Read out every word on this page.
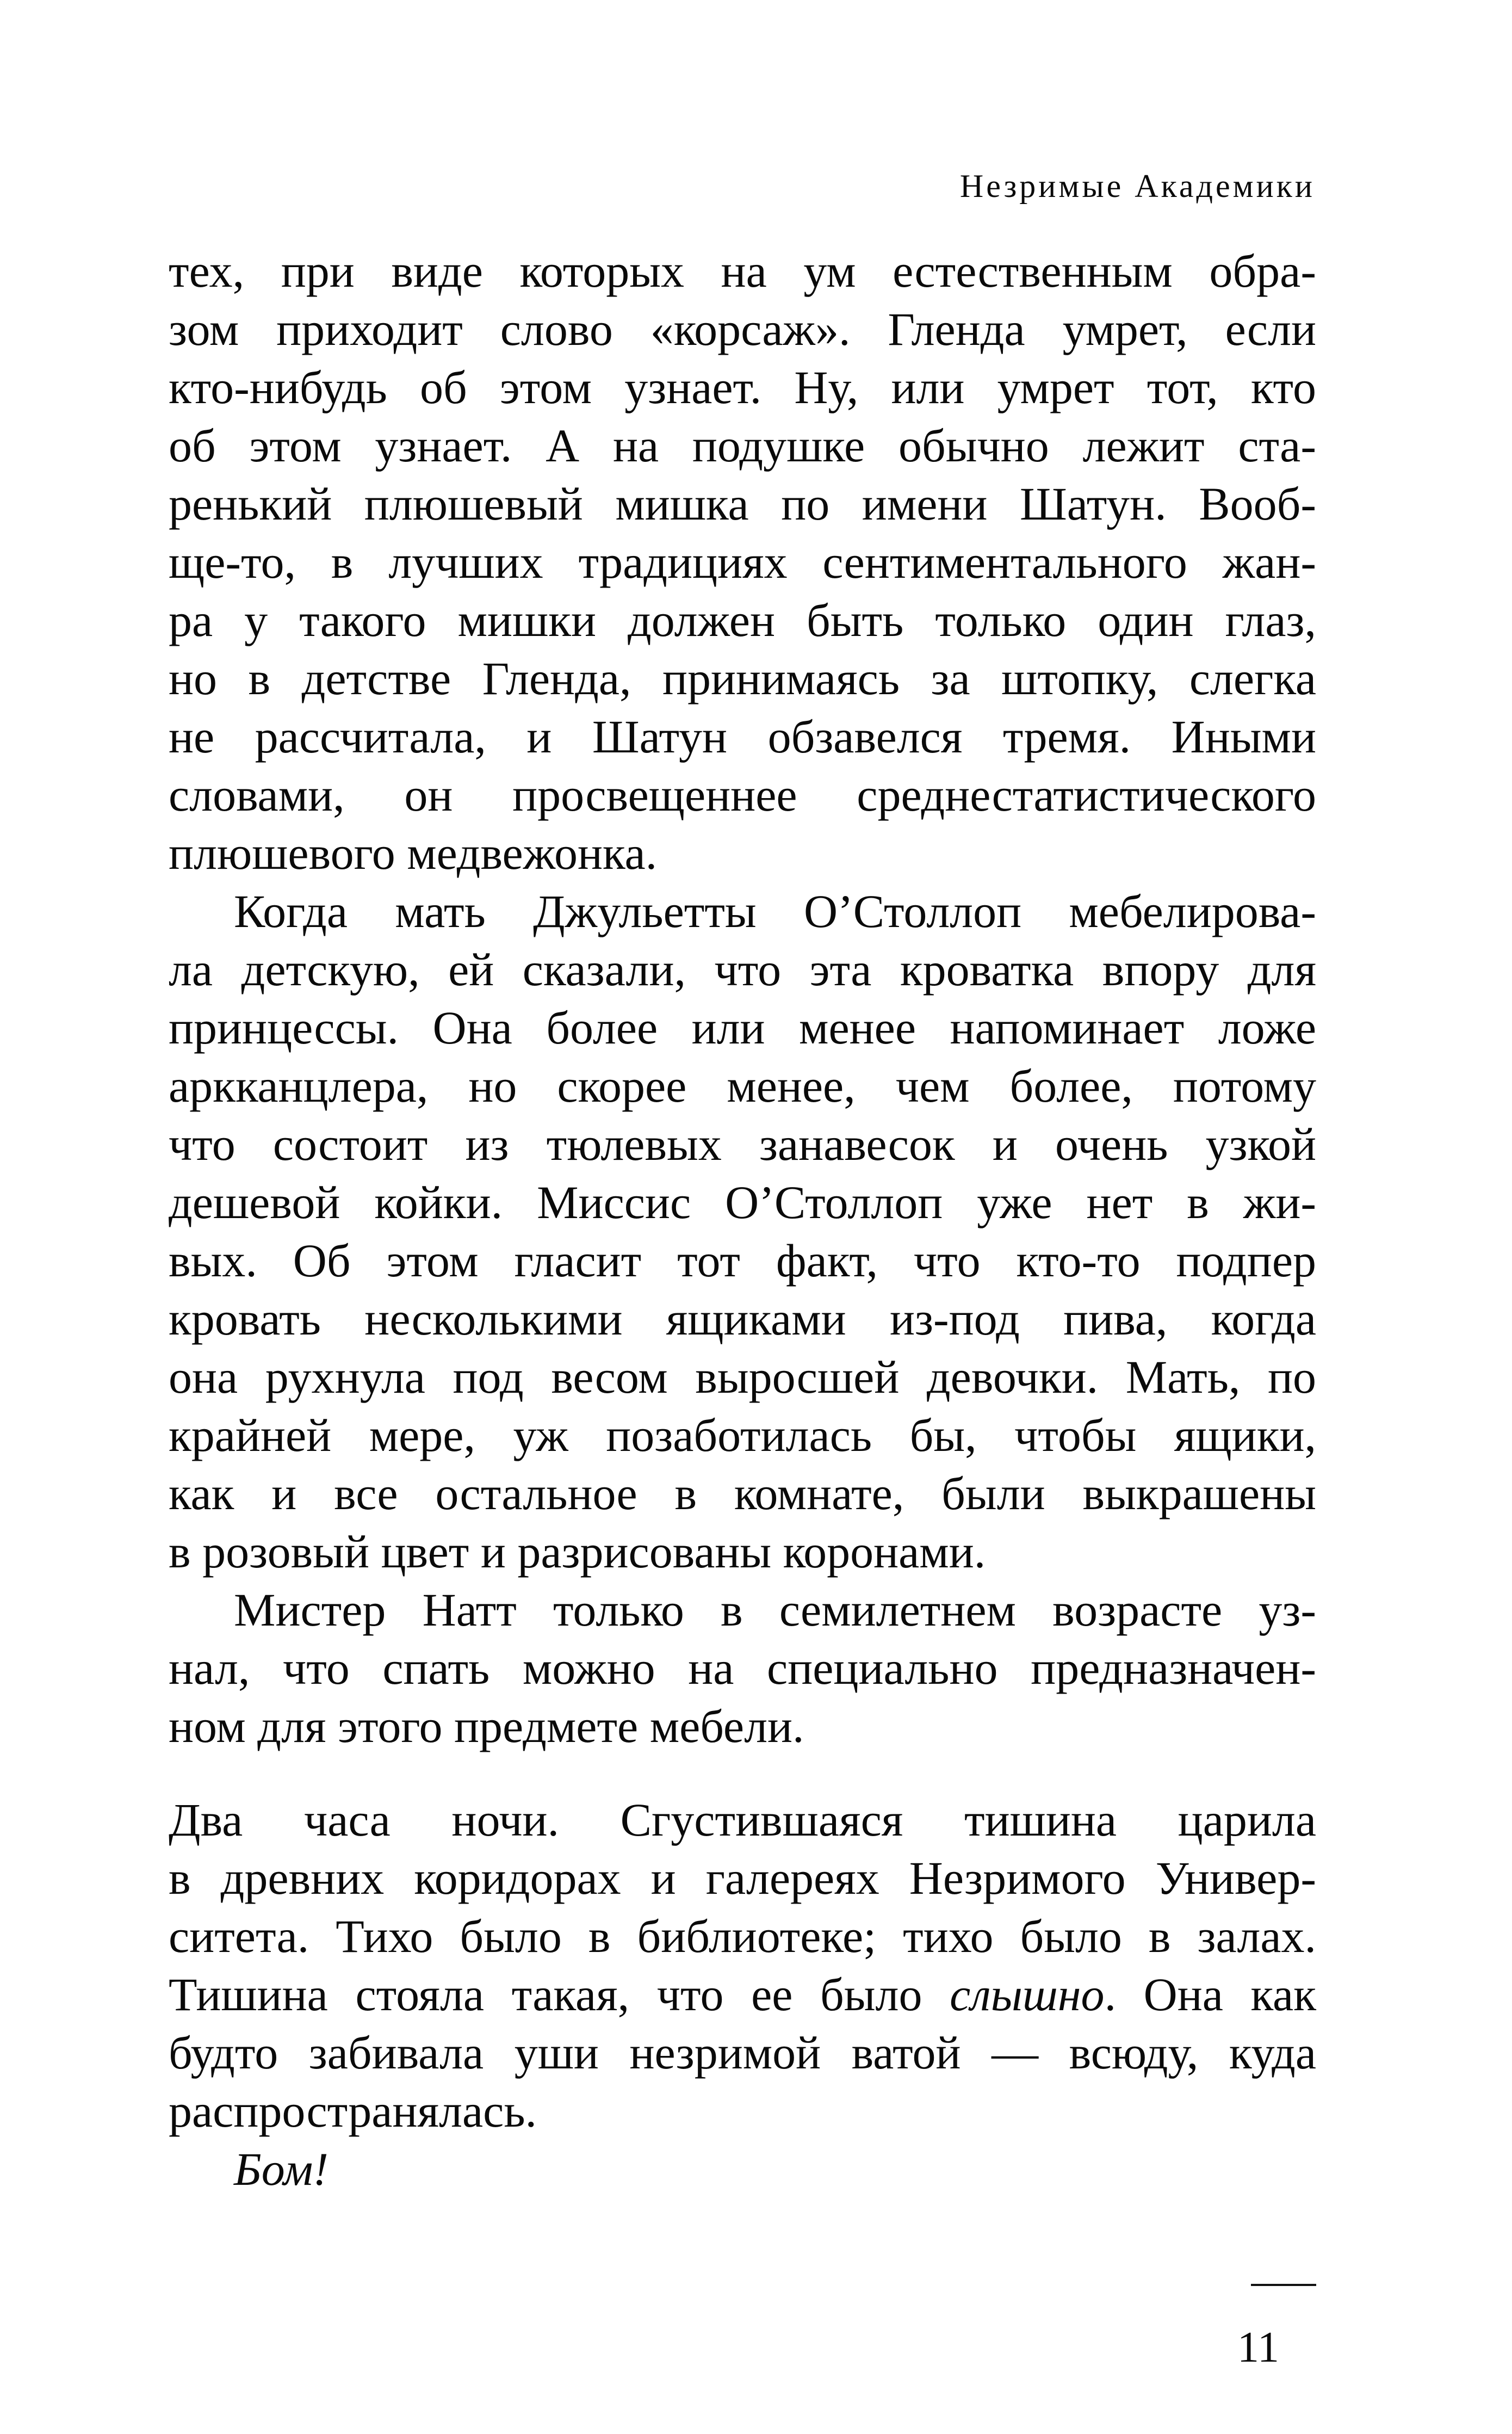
Незримые Академики
тех, при виде которых на ум естественным обра-
зом приходит слово «корсаж». Гленда умрет, если
кто-нибудь об этом узнает. Ну, или умрет тот, кто
об этом узнает. А на подушке обычно лежит ста-
ренький плюшевый мишка по имени Шатун. Вооб-
ще-то, в лучших традициях сентиментального жан-
ра у такого мишки должен быть только один глаз,
но в детстве Гленда, принимаясь за штопку, слегка
не рассчитала, и Шатун обзавелся тремя. Иными
словами, он просвещеннее среднестатистического
плюшевого медвежонка.
Когда мать Джульетты О’Столлоп мебелирова-
ла детскую, ей сказали, что эта кроватка впору для
принцессы. Она более или менее напоминает ложе
аркканцлера, но скорее менее, чем более, потому
что состоит из тюлевых занавесок и очень узкой
дешевой койки. Миссис О’Столлоп уже нет в жи-
вых. Об этом гласит тот факт, что кто-то подпер
кровать несколькими ящиками из-под пива, когда
она рухнула под весом выросшей девочки. Мать, по
крайней мере, уж позаботилась бы, чтобы ящики,
как и все остальное в комнате, были выкрашены
в розовый цвет и разрисованы коронами.
Мистер Натт только в семилетнем возрасте уз-
нал, что спать можно на специально предназначен-
ном для этого предмете мебели.
Два часа ночи. Сгустившаяся тишина царила
в древних коридорах и галереях Незримого Универ-
ситета. Тихо было в библиотеке; тихо было в залах.
Тишина стояла такая, что ее было слышно. Она как
будто забивала уши незримой ватой — всюду, куда
распространялась.
Бом!
11
